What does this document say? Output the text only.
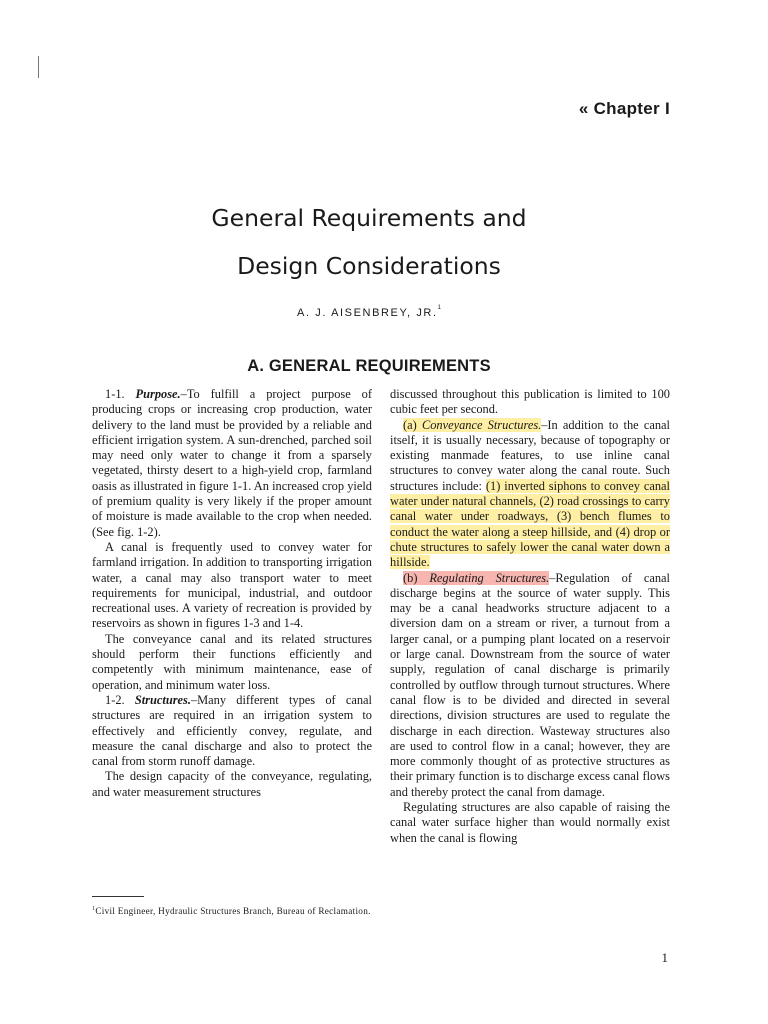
« Chapter I
General Requirements and
Design Considerations
A. J. AISENBREY, JR.$^1$
A. GENERAL REQUIREMENTS

1-1. Purpose.–To fulfill a project purpose of producing crops or increasing crop production, water delivery to the land must be provided by a reliable and efficient irrigation system. A sun-drenched, parched soil may need only water to change it from a sparsely vegetated, thirsty desert to a high-yield crop, farmland oasis as illustrated in figure 1-1. An increased crop yield of premium quality is very likely if the proper amount of moisture is made available to the crop when needed. (See fig. 1-2).

A canal is frequently used to convey water for farmland irrigation. In addition to transporting irrigation water, a canal may also transport water to meet requirements for municipal, industrial, and outdoor recreational uses. A variety of recreation is provided by reservoirs as shown in figures 1-3 and 1-4.

The conveyance canal and its related structures should perform their functions efficiently and competently with minimum maintenance, ease of operation, and minimum water loss.

1-2. Structures.–Many different types of canal structures are required in an irrigation system to effectively and efficiently convey, regulate, and measure the canal discharge and also to protect the canal from storm runoff damage.

The design capacity of the conveyance, regulating, and water measurement structures

discussed throughout this publication is limited to 100 cubic feet per second.

(a) Conveyance Structures.–In addition to the canal itself, it is usually necessary, because of topography or existing manmade features, to use inline canal structures to convey water along the canal route. Such structures include: (1) inverted siphons to convey canal water under natural channels, (2) road crossings to carry canal water under roadways, (3) bench flumes to conduct the water along a steep hillside, and (4) drop or chute structures to safely lower the canal water down a hillside.

(b) Regulating Structures.–Regulation of canal discharge begins at the source of water supply. This may be a canal headworks structure adjacent to a diversion dam on a stream or river, a turnout from a larger canal, or a pumping plant located on a reservoir or large canal. Downstream from the source of water supply, regulation of canal discharge is primarily controlled by outflow through turnout structures. Where canal flow is to be divided and directed in several directions, division structures are used to regulate the discharge in each direction. Wasteway structures also are used to control flow in a canal; however, they are more commonly thought of as protective structures as their primary function is to discharge excess canal flows and thereby protect the canal from damage.

Regulating structures are also capable of raising the canal water surface higher than would normally exist when the canal is flowing

$^1$Civil Engineer, Hydraulic Structures Branch, Bureau of Reclamation.
1
